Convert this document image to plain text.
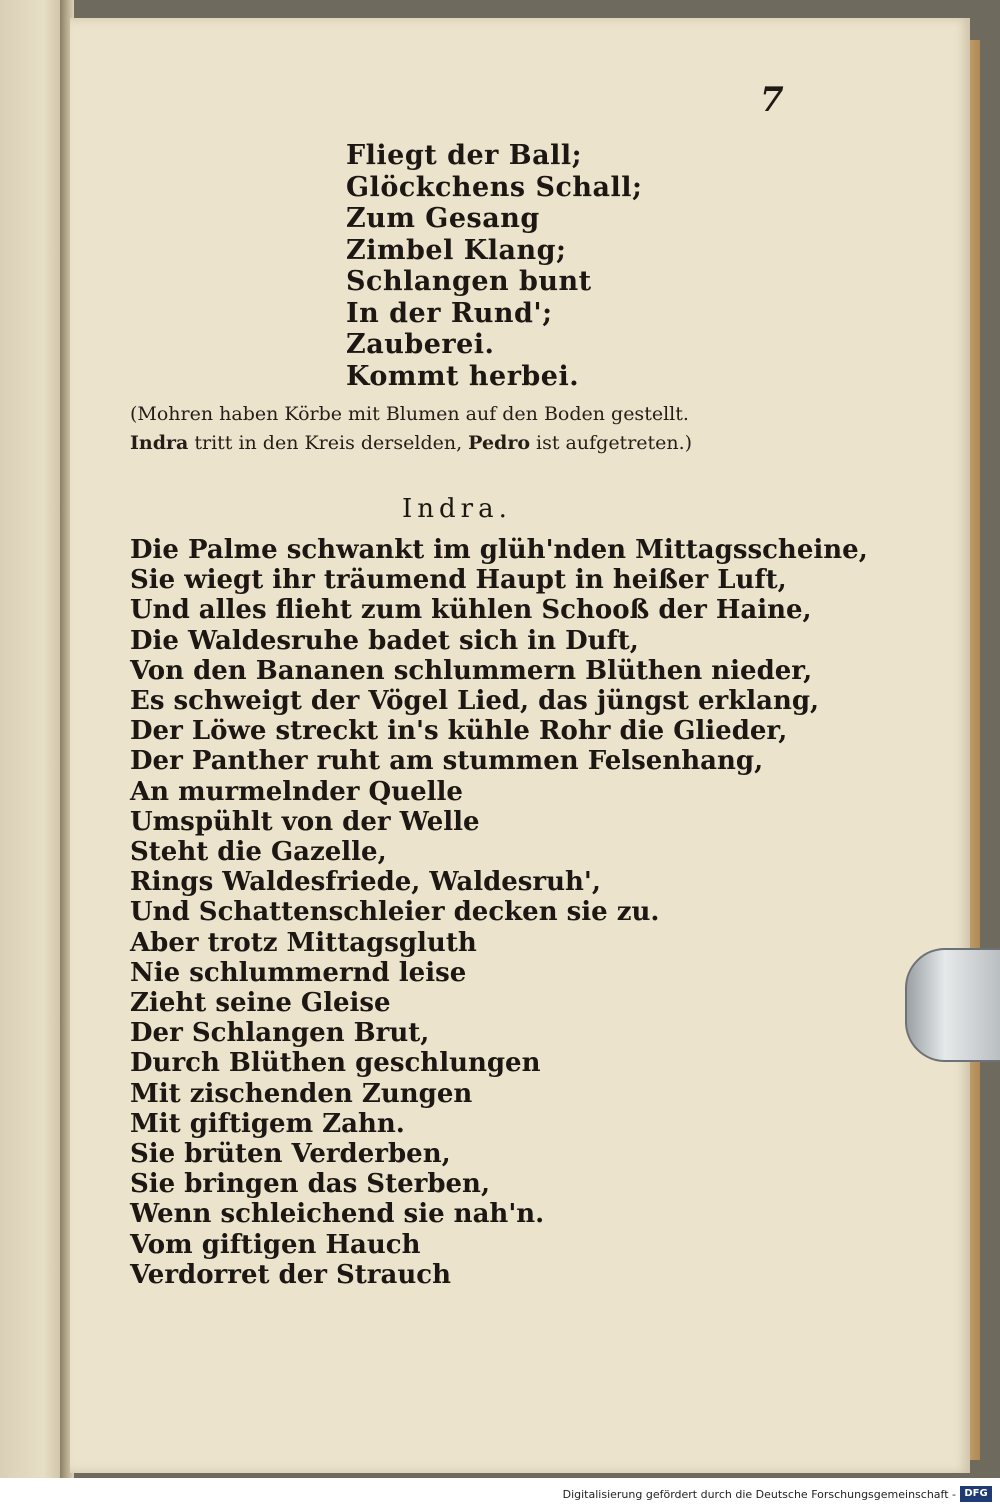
7
Fliegt der Ball;
Glöckchens Schall;
Zum Gesang
Zimbel Klang;
Schlangen bunt
In der Rund';
Zauberei.
Kommt herbei.
(Mohren haben Körbe mit Blumen auf den Boden gestellt.
Indra tritt in den Kreis derselden, Pedro ist aufgetreten.)
Indra.
Die Palme schwankt im glüh'nden Mittagsscheine,
Sie wiegt ihr träumend Haupt in heißer Luft,
Und alles flieht zum kühlen Schooß der Haine,
Die Waldesruhe badet sich in Duft,
Von den Bananen schlummern Blüthen nieder,
Es schweigt der Vögel Lied, das jüngst erklang,
Der Löwe streckt in's kühle Rohr die Glieder,
Der Panther ruht am stummen Felsenhang,
An murmelnder Quelle
Umspühlt von der Welle
Steht die Gazelle,
Rings Waldesfriede, Waldesruh',
Und Schattenschleier decken sie zu.
Aber trotz Mittagsgluth
Nie schlummernd leise
Zieht seine Gleise
Der Schlangen Brut,
Durch Blüthen geschlungen
Mit zischenden Zungen
Mit giftigem Zahn.
Sie brüten Verderben,
Sie bringen das Sterben,
Wenn schleichend sie nah'n.
Vom giftigen Hauch
Verdorret der Strauch
Digitalisierung gefördert durch die Deutsche Forschungsgemeinschaft - DFG
